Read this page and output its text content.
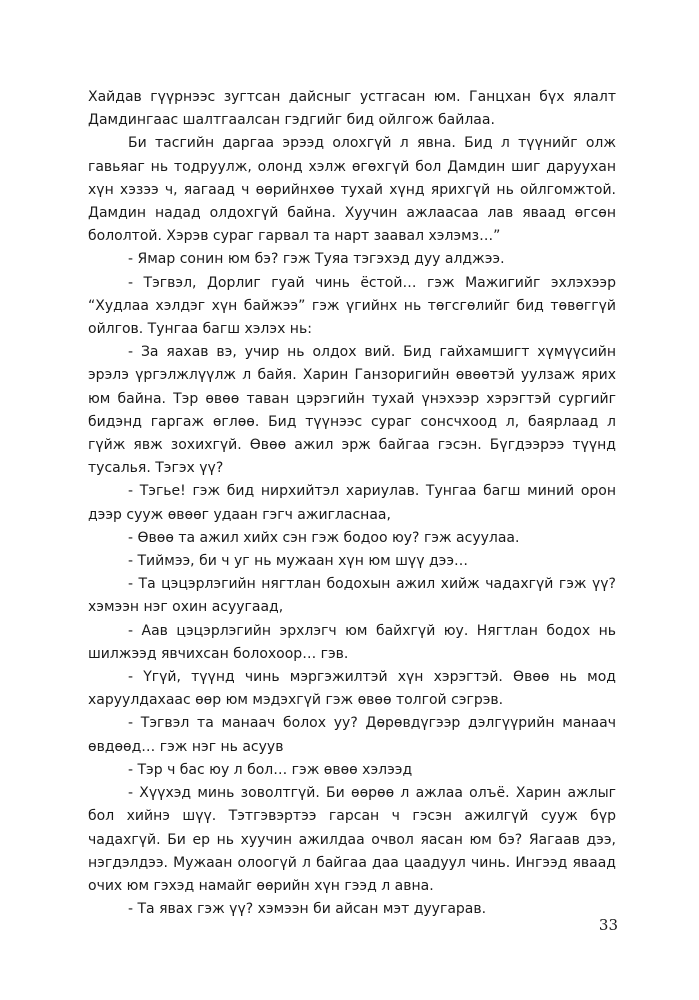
Хайдав гүүрнээс зугтсан дайсныг устгасан юм. Ганцхан бүх ялалт Дамдингаас шалтгаалсан гэдгийг бид ойлгож байлаа.

Би тасгийн даргаа эрээд олохгүй л явна. Бид л түүнийг олж гавьяаг нь тодруулж, олонд хэлж өгөхгүй бол Дамдин шиг даруухан хүн хэзээ ч, яагаад ч өөрийнхөө тухай хүнд ярихгүй нь ойлгомжтой. Дамдин надад олдохгүй байна. Хуучин ажлаасаа лав яваад өгсөн бололтой. Хэрэв сураг гарвал та нарт заавал хэлэмз…”

- Ямар сонин юм бэ? гэж Туяа тэгэхэд дуу алджээ.

- Тэгвэл, Дорлиг гуай чинь ёстой… гэж Мажигийг эхлэхээр “Худлаа хэлдэг хүн байжээ” гэж үгийнх нь төгсгөлийг бид төвөггүй ойлгов. Тунгаа багш хэлэх нь:

- За яахав вэ, учир нь олдох вий. Бид гайхамшигт хүмүүсийн эрэлэ үргэлжлүүлж л байя. Харин Ганзоригийн өвөөтэй уулзаж ярих юм байна. Тэр өвөө таван цэрэгийн тухай үнэхээр хэрэгтэй сургийг бидэнд гаргаж өглөө. Бид түүнээс сураг сонсчхоод л, баярлаад л гүйж явж зохихгүй. Өвөө ажил эрж байгаа гэсэн. Бүгдээрээ түүнд тусалья. Тэгэх үү?

- Тэгье! гэж бид нирхийтэл хариулав. Тунгаа багш миний орон дээр сууж өвөөг удаан гэгч ажигласнаа,

- Өвөө та ажил хийх сэн гэж бодоо юу? гэж асуулаа.

- Тиймээ, би ч уг нь мужаан хүн юм шүү дээ…

- Та цэцэрлэгийн нягтлан бодохын ажил хийж чадахгүй гэж үү? хэмээн нэг охин асуугаад,

- Аав цэцэрлэгийн эрхлэгч юм байхгүй юу. Нягтлан бодох нь шилжээд явчихсан болохоор… гэв.

- Үгүй, түүнд чинь мэргэжилтэй хүн хэрэгтэй. Өвөө нь мод харуулдахаас өөр юм мэдэхгүй гэж өвөө толгой сэгрэв.

- Тэгвэл та манаач болох уу? Дөрөвдүгээр дэлгүүрийн манаач өвдөөд… гэж нэг нь асуув

- Тэр ч бас юу л бол… гэж өвөө хэлээд

- Хүүхэд минь зоволтгүй. Би өөрөө л ажлаа олъё. Харин ажлыг бол хийнэ шүү. Тэтгэвэртээ гарсан ч гэсэн ажилгүй сууж бүр чадахгүй. Би ер нь хуучин ажилдаа очвол яасан юм бэ? Яагаав дээ, нэгдэлдээ. Мужаан олоогүй л байгаа даа цаадуул чинь. Ингээд яваад очих юм гэхэд намайг өөрийн хүн гээд л авна.

- Та явах гэж үү? хэмээн би айсан мэт дуугарав.

33
